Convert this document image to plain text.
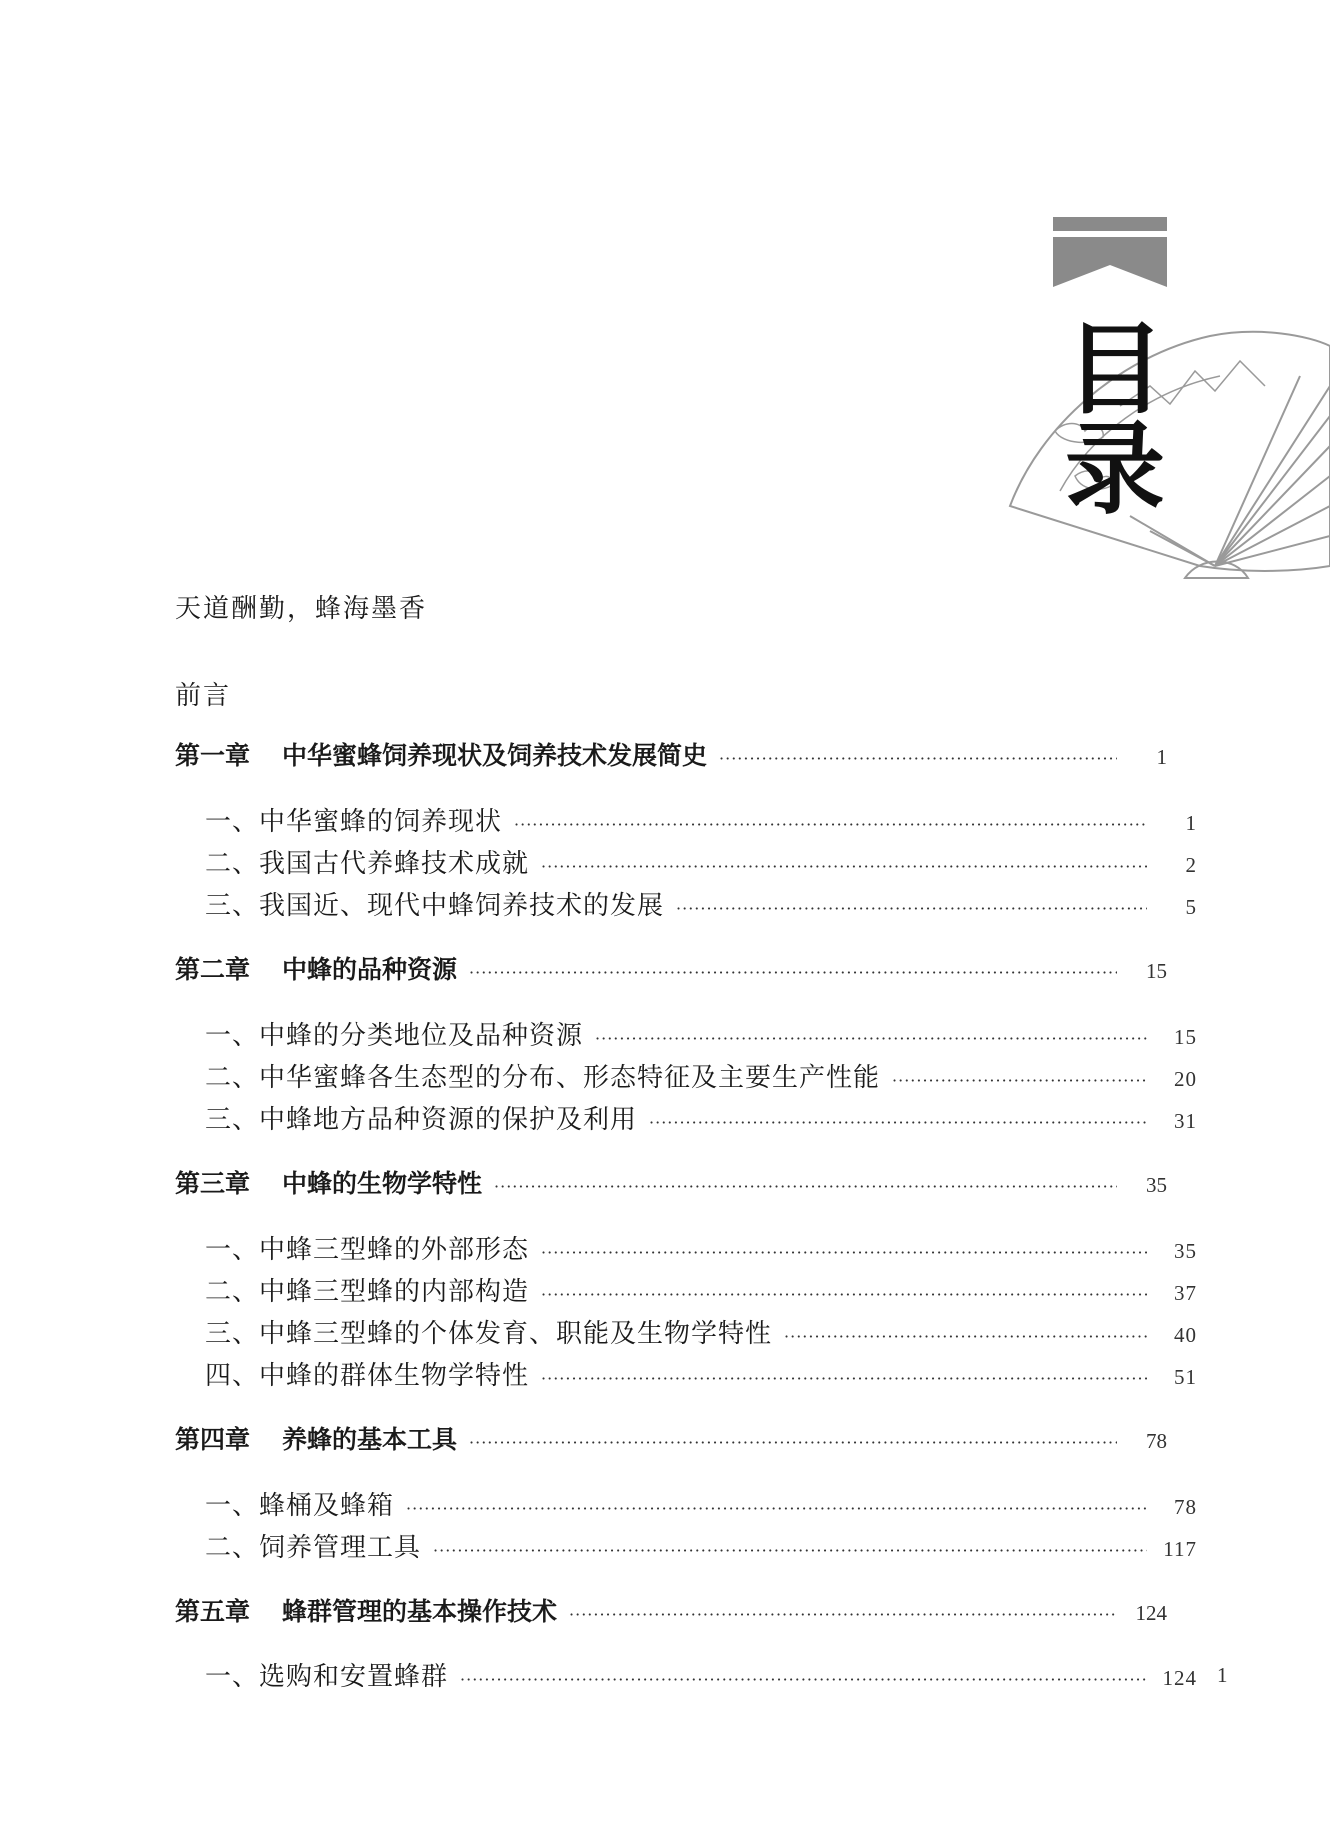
目
录
天道酬勤，蜂海墨香
前言
第一章 中华蜜蜂饲养现状及饲养技术发展简史 ·····	1
一、中华蜜蜂的饲养现状 ·····	1
二、我国古代养蜂技术成就 ·····	2
三、我国近、现代中蜂饲养技术的发展 ·····	5
第二章 中蜂的品种资源 ·····	15
一、中蜂的分类地位及品种资源 ·····	15
二、中华蜜蜂各生态型的分布、形态特征及主要生产性能 ·····	20
三、中蜂地方品种资源的保护及利用 ·····	31
第三章 中蜂的生物学特性 ·····	35
一、中蜂三型蜂的外部形态 ·····	35
二、中蜂三型蜂的内部构造 ·····	37
三、中蜂三型蜂的个体发育、职能及生物学特性 ·····	40
四、中蜂的群体生物学特性 ·····	51
第四章 养蜂的基本工具 ·····	78
一、蜂桶及蜂箱 ·····	78
二、饲养管理工具 ·····	117
第五章 蜂群管理的基本操作技术 ·····	124
一、选购和安置蜂群 ·····	124 1
